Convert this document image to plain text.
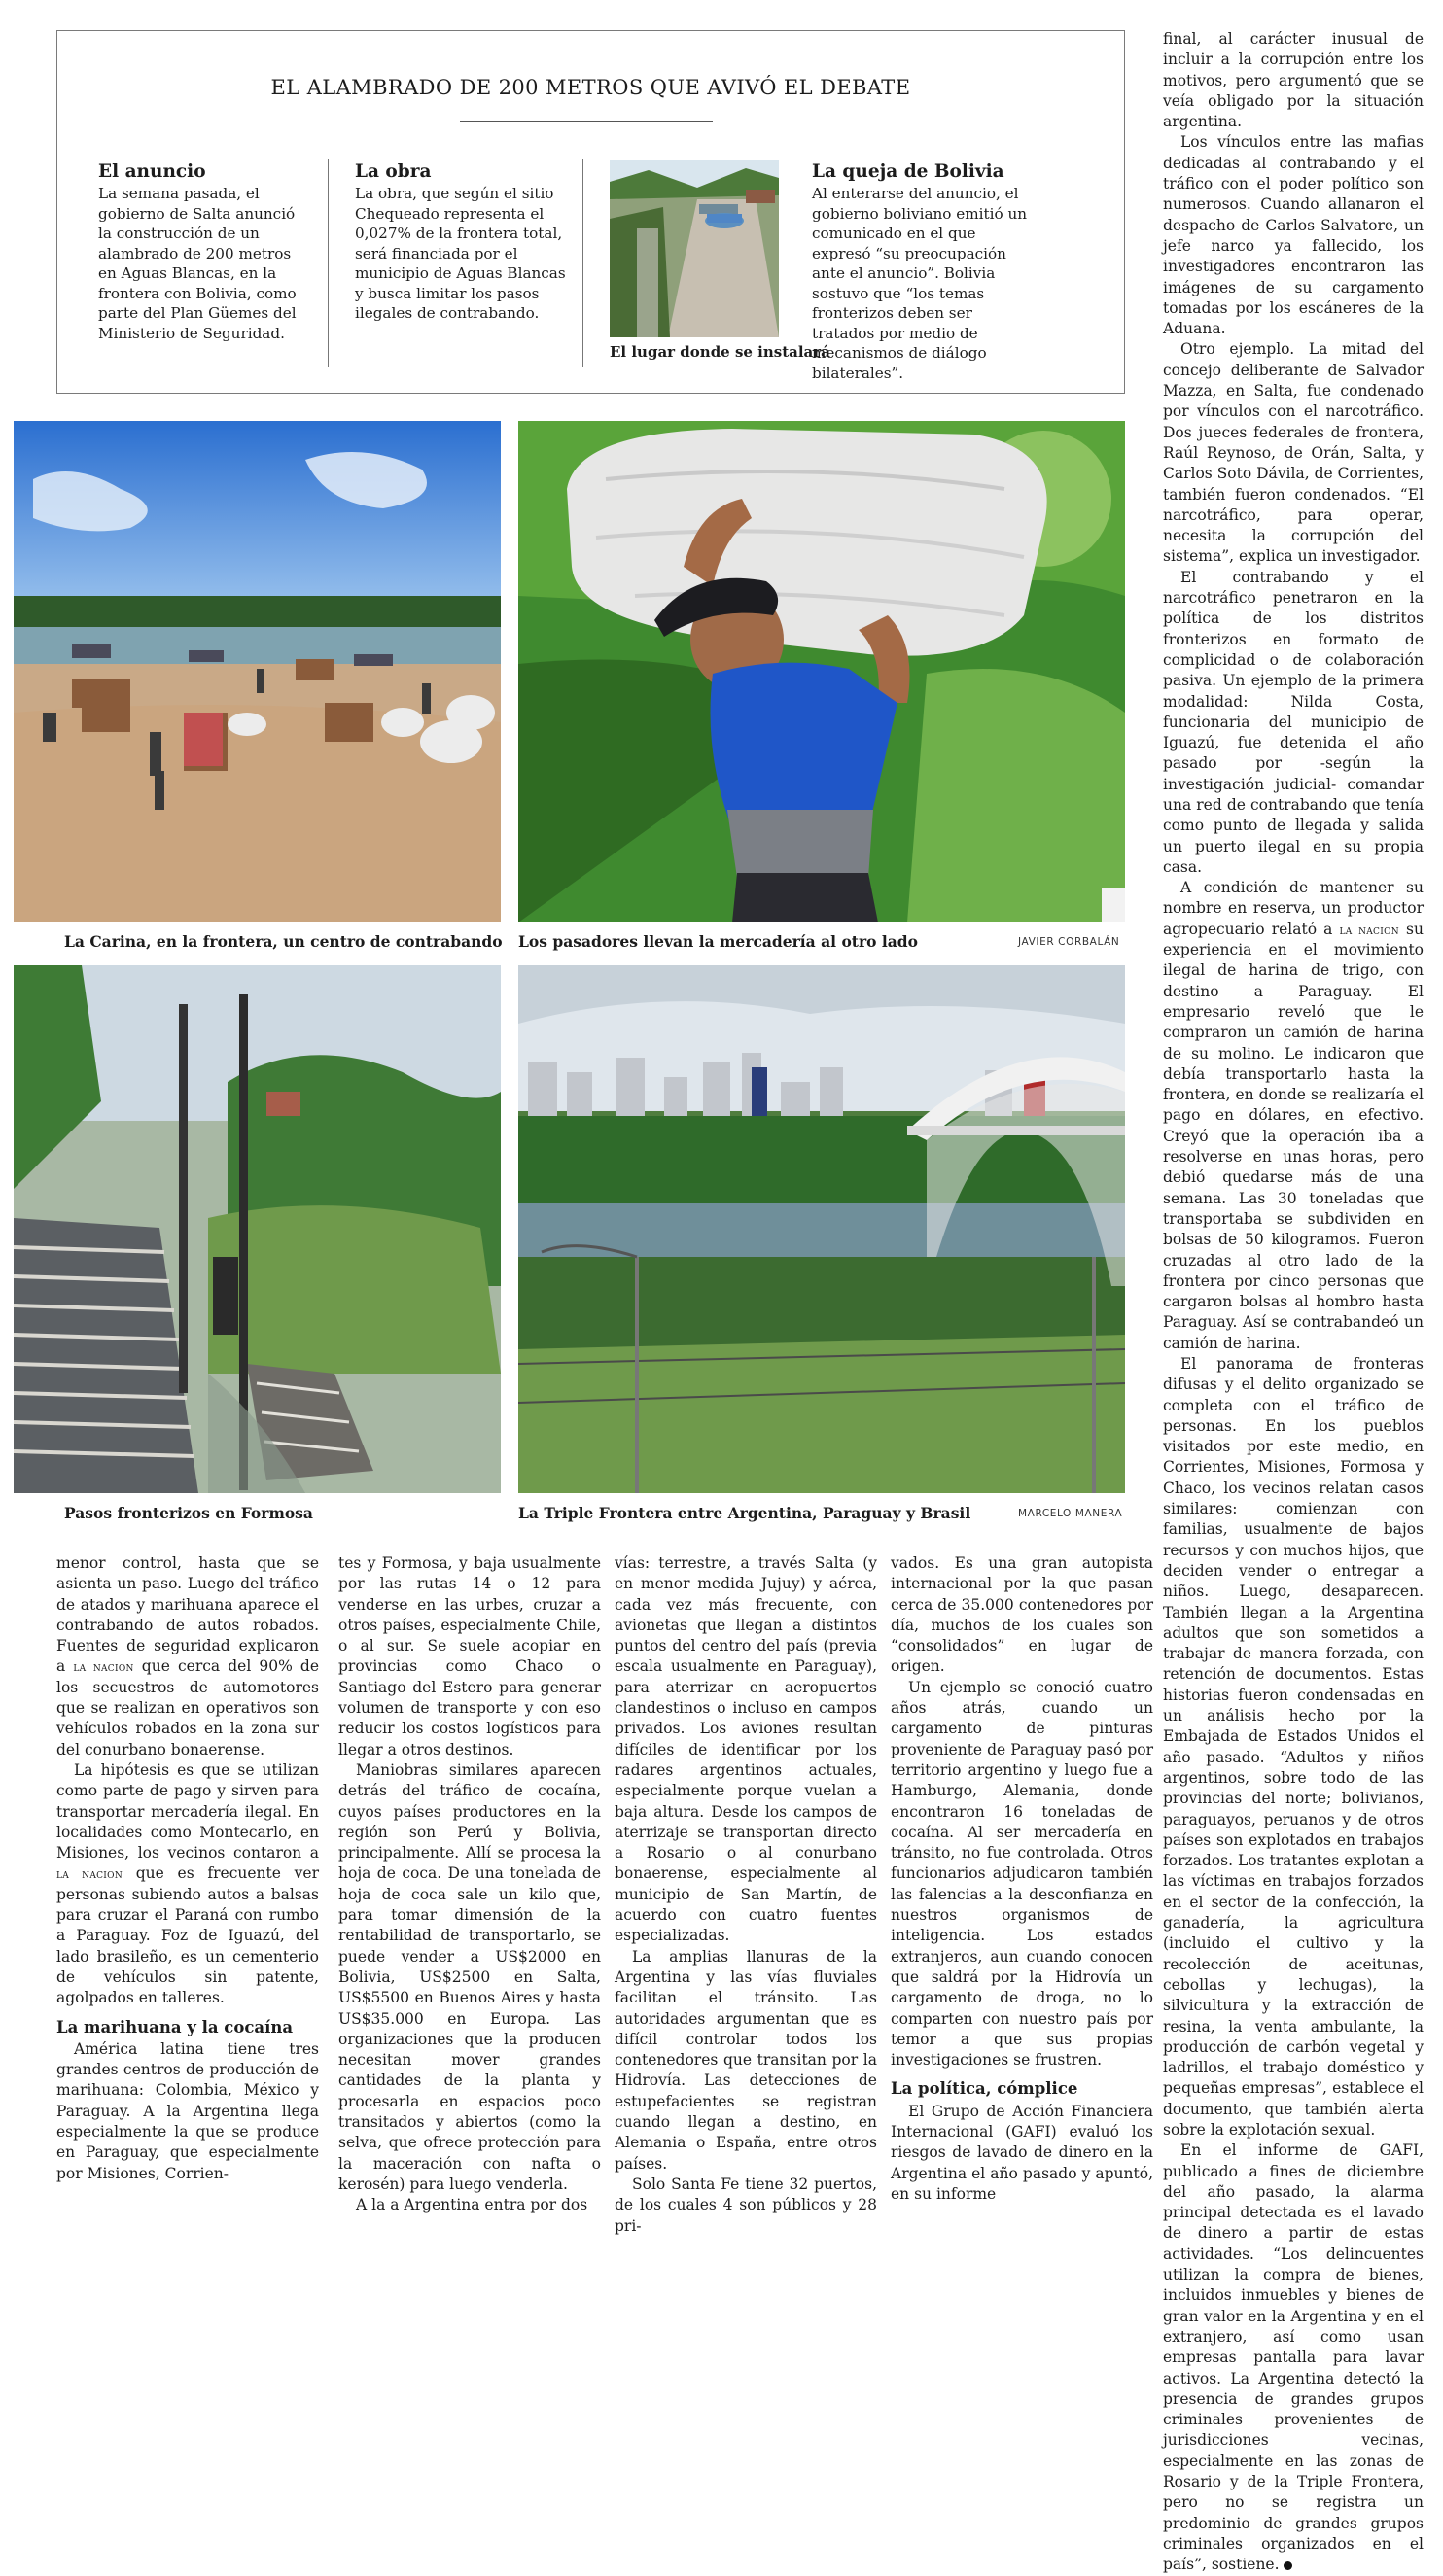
EL ALAMBRADO DE 200 METROS QUE AVIVÓ EL DEBATE
El anuncio

La semana pasada, el gobierno de Salta anunció la construcción de un alambrado de 200 metros en Aguas Blancas, en la frontera con Bolivia, como parte del Plan Güemes del Ministerio de Seguridad.

La obra

La obra, que según el sitio Chequeado representa el 0,027% de la frontera total, será financiada por el municipio de Aguas Blancas y busca limitar los pasos ilegales de contrabando.

El lugar donde se instalará
La queja de Bolivia

Al enterarse del anuncio, el gobierno boliviano emitió un comunicado en el que expresó “su preocupación ante el anuncio”. Bolivia sostuvo que “los temas fronterizos deben ser tratados por medio de mecanismos de diálogo bilaterales”.

La Carina, en la frontera, un centro de contrabando Los pasadores llevan la mercadería al otro lado	JAVIER CORBALÁN
Pasos fronterizos en Formosa	La Triple Frontera entre Argentina, Paraguay y Brasil	MARCELO MANERA

final, al carácter inusual de incluir a la corrupción entre los motivos, pero argumentó que se veía obligado por la situación argentina.

Los vínculos entre las mafias dedicadas al contrabando y el tráfico con el poder político son numerosos. Cuando allanaron el despacho de Carlos Salvatore, un jefe narco ya fallecido, los investigadores encontraron las imágenes de su cargamento tomadas por los escáneres de la Aduana.

Otro ejemplo. La mitad del concejo deliberante de Salvador Mazza, en Salta, fue condenado por vínculos con el narcotráfico. Dos jueces federales de frontera, Raúl Reynoso, de Orán, Salta, y Carlos Soto Dávila, de Corrientes, también fueron condenados. “El narcotráfico, para operar, necesita la corrupción del sistema”, explica un investigador.

El contrabando y el narcotráfico penetraron en la política de los distritos fronterizos en formato de complicidad o de colaboración pasiva. Un ejemplo de la primera modalidad: Nilda Costa, funcionaria del municipio de Iguazú, fue detenida el año pasado por -según la investigación judicial- comandar una red de contrabando que tenía como punto de llegada y salida un puerto ilegal en su propia casa.

A condición de mantener su nombre en reserva, un productor agropecuario relató a la nacion su experiencia en el movimiento ilegal de harina de trigo, con destino a Paraguay. El empresario reveló que le compraron un camión de harina de su molino. Le indicaron que debía transportarlo hasta la frontera, en donde se realizaría el pago en dólares, en efectivo. Creyó que la operación iba a resolverse en unas horas, pero debió quedarse más de una semana. Las 30 toneladas que transportaba se subdividen en bolsas de 50 kilogramos. Fueron cruzadas al otro lado de la frontera por cinco personas que cargaron bolsas al hombro hasta Paraguay. Así se contrabandeó un camión de harina.

El panorama de fronteras difusas y el delito organizado se completa con el tráfico de personas. En los pueblos visitados por este medio, en Corrientes, Misiones, Formosa y Chaco, los vecinos relatan casos similares: comienzan con familias, usualmente de bajos recursos y con muchos hijos, que deciden vender o entregar a niños. Luego, desaparecen. También llegan a la Argentina adultos que son sometidos a trabajar de manera forzada, con retención de documentos. Estas historias fueron condensadas en un análisis hecho por la Embajada de Estados Unidos el año pasado. “Adultos y niños argentinos, sobre todo de las provincias del norte; bolivianos, paraguayos, peruanos y de otros países son explotados en trabajos forzados. Los tratantes explotan a las víctimas en trabajos forzados en el sector de la confección, la ganadería, la agricultura (incluido el cultivo y la recolección de aceitunas, cebollas y lechugas), la silvicultura y la extracción de resina, la venta ambulante, la producción de carbón vegetal y ladrillos, el trabajo doméstico y pequeñas empresas”, establece el documento, que también alerta sobre la explotación sexual.

En el informe de GAFI, publicado a fines de diciembre del año pasado, la alarma principal detectada es el lavado de dinero a partir de estas actividades. “Los delincuentes utilizan la compra de bienes, incluidos inmuebles y bienes de gran valor en la Argentina y en el extranjero, así como usan empresas pantalla para lavar activos. La Argentina detectó la presencia de grandes grupos criminales provenientes de jurisdicciones vecinas, especialmente en las zonas de Rosario y de la Triple Frontera, pero no se registra un predominio de grandes grupos criminales organizados en el país”, sostiene.

menor control, hasta que se asienta un paso. Luego del tráfico de atados y marihuana aparece el contrabando de autos robados. Fuentes de seguridad explicaron a la nacion que cerca del 90% de los secuestros de automotores que se realizan en operativos son vehículos robados en la zona sur del conurbano bonaerense.

La hipótesis es que se utilizan como parte de pago y sirven para transportar mercadería ilegal. En localidades como Montecarlo, en Misiones, los vecinos contaron a la nacion que es frecuente ver personas subiendo autos a balsas para cruzar el Paraná con rumbo a Paraguay. Foz de Iguazú, del lado brasileño, es un cementerio de vehículos sin patente, agolpados en talleres.

La marihuana y la cocaína

América latina tiene tres grandes centros de producción de marihuana: Colombia, México y Paraguay. A la Argentina llega especialmente la que se produce en Paraguay, que especialmente por Misiones, Corrien-

tes y Formosa, y baja usualmente por las rutas 14 o 12 para venderse en las urbes, cruzar a otros países, especialmente Chile, o al sur. Se suele acopiar en provincias como Chaco o Santiago del Estero para generar volumen de transporte y con eso reducir los costos logísticos para llegar a otros destinos.

Maniobras similares aparecen detrás del tráfico de cocaína, cuyos países productores en la región son Perú y Bolivia, principalmente. Allí se procesa la hoja de coca. De una tonelada de hoja de coca sale un kilo que, para tomar dimensión de la rentabilidad de transportarlo, se puede vender a US$2000 en Bolivia, US$2500 en Salta, US$5500 en Buenos Aires y hasta US$35.000 en Europa. Las organizaciones que la producen necesitan mover grandes cantidades de la planta y procesarla en espacios poco transitados y abiertos (como la selva, que ofrece protección para la maceración con nafta o kerosén) para luego venderla.

A la a Argentina entra por dos

vías: terrestre, a través Salta (y en menor medida Jujuy) y aérea, cada vez más frecuente, con avionetas que llegan a distintos puntos del centro del país (previa escala usualmente en Paraguay), para aterrizar en aeropuertos clandestinos o incluso en campos privados. Los aviones resultan difíciles de identificar por los radares argentinos actuales, especialmente porque vuelan a baja altura. Desde los campos de aterrizaje se transportan directo a Rosario o al conurbano bonaerense, especialmente al municipio de San Martín, de acuerdo con cuatro fuentes especializadas.

La amplias llanuras de la Argentina y las vías fluviales facilitan el tránsito. Las autoridades argumentan que es difícil controlar todos los contenedores que transitan por la Hidrovía. Las detecciones de estupefacientes se registran cuando llegan a destino, en Alemania o España, entre otros países.

Solo Santa Fe tiene 32 puertos, de los cuales 4 son públicos y 28 pri-

vados. Es una gran autopista internacional por la que pasan cerca de 35.000 contenedores por día, muchos de los cuales son “consolidados” en lugar de origen.

Un ejemplo se conoció cuatro años atrás, cuando un cargamento de pinturas proveniente de Paraguay pasó por territorio argentino y luego fue a Hamburgo, Alemania, donde encontraron 16 toneladas de cocaína. Al ser mercadería en tránsito, no fue controlada. Otros funcionarios adjudicaron también las falencias a la desconfianza en nuestros organismos de inteligencia. Los estados extranjeros, aun cuando conocen que saldrá por la Hidrovía un cargamento de droga, no lo comparten con nuestro país por temor a que sus propias investigaciones se frustren.

La política, cómplice

El Grupo de Acción Financiera Internacional (GAFI) evaluó los riesgos de lavado de dinero en la Argentina el año pasado y apuntó, en su informe
